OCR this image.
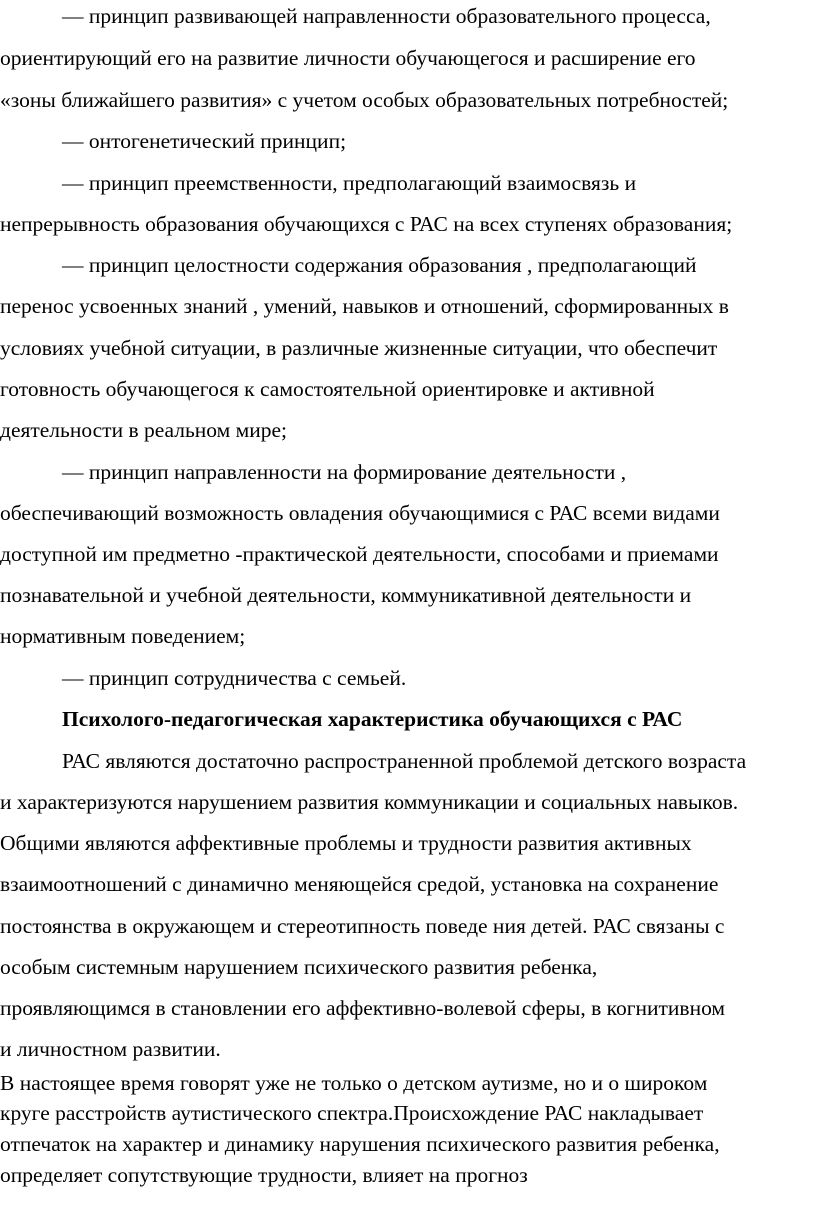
— принцип развивающей направленности образовательного процесса,
ориентирующий его на развитие личности обучающегося и расширение его
«зоны ближайшего развития» с учетом особых образовательных потребностей;
— онтогенетический принцип;
— принцип преемственности, предполагающий взаимосвязь и
непрерывность образования обучающихся с РАС на всех ступенях образования;
— принцип целостности содержания образования , предполагающий
перенос усвоенных знаний , умений, навыков и отношений, сформированных в
условиях учебной ситуации, в различные жизненные ситуации, что обеспечит
готовность обучающегося к самостоятельной ориентировке и активной
деятельности в реальном мире;
— принцип направленности на формирование деятельности ,
обеспечивающий возможность овладения обучающимися с РАС всеми видами
доступной им предметно -практической деятельности, способами и приемами
познавательной и учебной деятельности, коммуникативной деятельности и
нормативным поведением;
— принцип сотрудничества с семьей.
Психолого-педагогическая характеристика обучающихся с РАС
РАС являются достаточно распространенной проблемой детского возраста
и характеризуются нарушением развития коммуникации и социальных навыков.
Общими являются аффективные проблемы и трудности развития активных
взаимоотношений с динамично меняющейся средой, установка на сохранение
постоянства в окружающем и стереотипность поведе ния детей. РАС связаны с
особым системным нарушением психического развития ребенка,
проявляющимся в становлении его аффективно-волевой сферы, в когнитивном
и личностном развитии.
В настоящее время говорят уже не только о детском аутизме, но и о широком
круге расстройств аутистического спектра.Происхождение РАС накладывает
отпечаток на характер и динамику нарушения психического развития ребенка,
определяет сопутствующие трудности, влияет на прогноз
